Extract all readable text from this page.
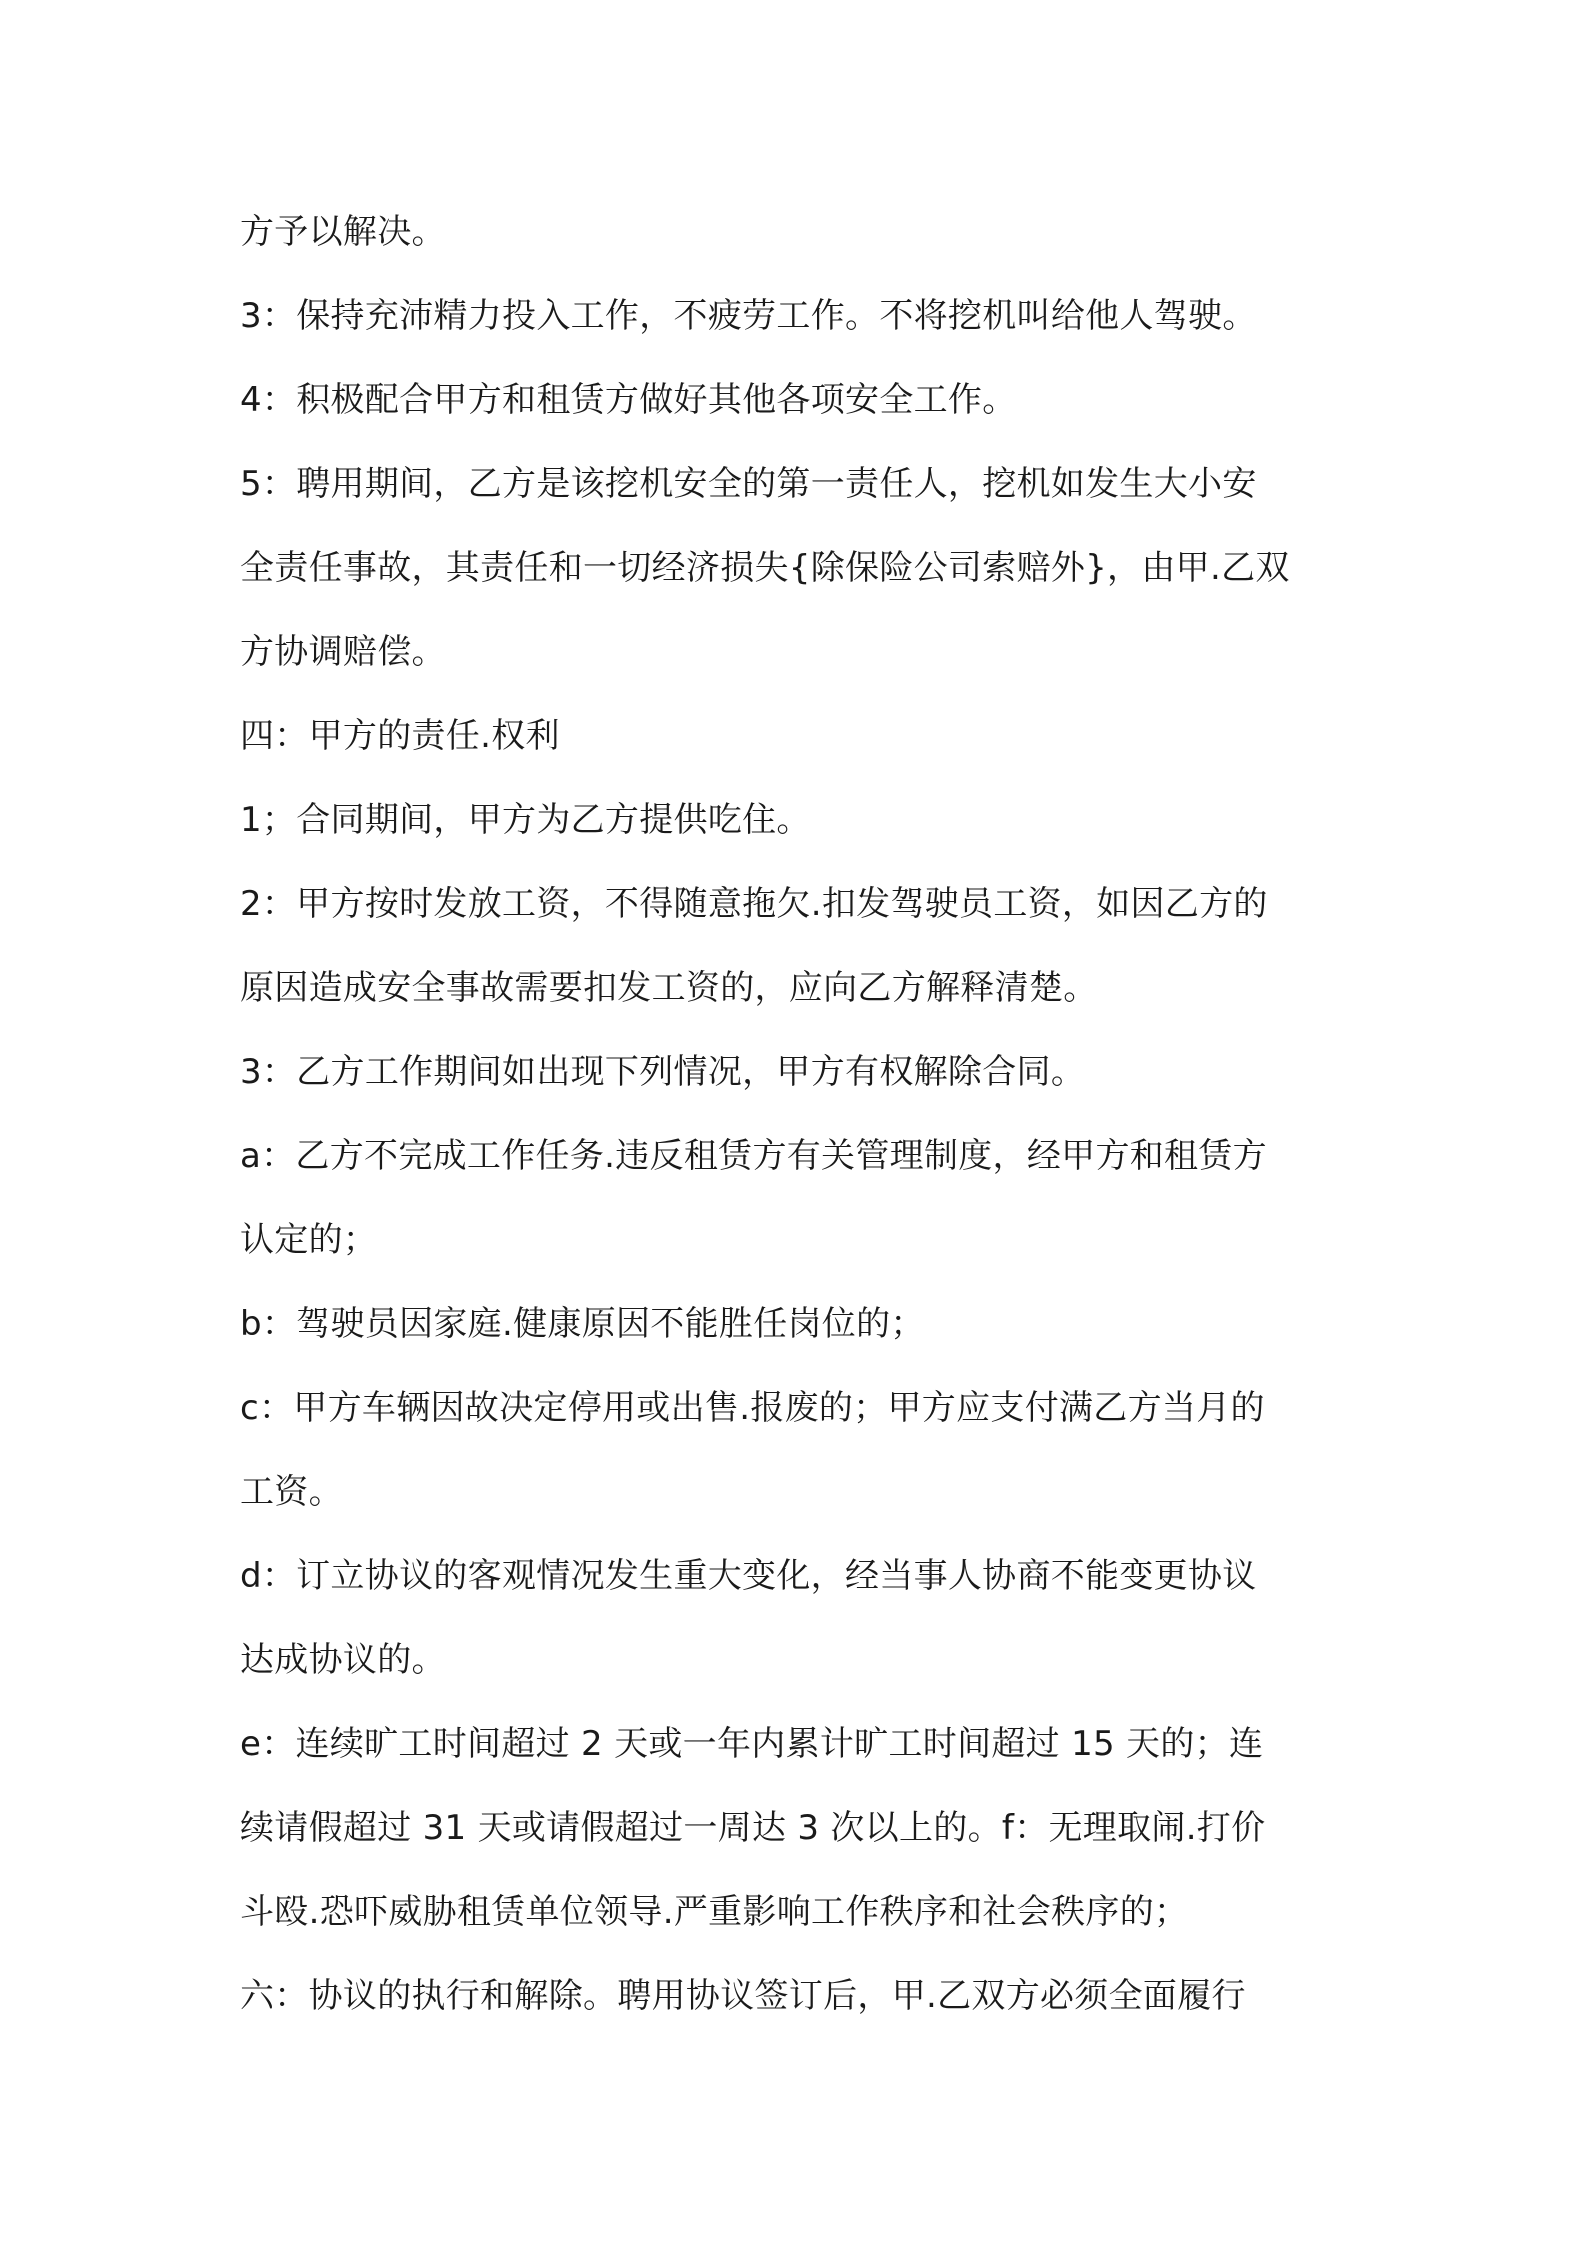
方予以解决。
3：保持充沛精力投入工作，不疲劳工作。不将挖机叫给他人驾驶。
4：积极配合甲方和租赁方做好其他各项安全工作。
5：聘用期间，乙方是该挖机安全的第一责任人，挖机如发生大小安
全责任事故，其责任和一切经济损失{除保险公司索赔外}，由甲.乙双
方协调赔偿。
四：甲方的责任.权利
1；合同期间，甲方为乙方提供吃住。
2：甲方按时发放工资，不得随意拖欠.扣发驾驶员工资，如因乙方的
原因造成安全事故需要扣发工资的，应向乙方解释清楚。
3：乙方工作期间如出现下列情况，甲方有权解除合同。
a：乙方不完成工作任务.违反租赁方有关管理制度，经甲方和租赁方
认定的；
b：驾驶员因家庭.健康原因不能胜任岗位的；
c：甲方车辆因故决定停用或出售.报废的；甲方应支付满乙方当月的
工资。
d：订立协议的客观情况发生重大变化，经当事人协商不能变更协议
达成协议的。
e：连续旷工时间超过 2 天或一年内累计旷工时间超过 15 天的；连
续请假超过 31 天或请假超过一周达 3 次以上的。f：无理取闹.打价
斗殴.恐吓威胁租赁单位领导.严重影响工作秩序和社会秩序的；
六：协议的执行和解除。聘用协议签订后，甲.乙双方必须全面履行
